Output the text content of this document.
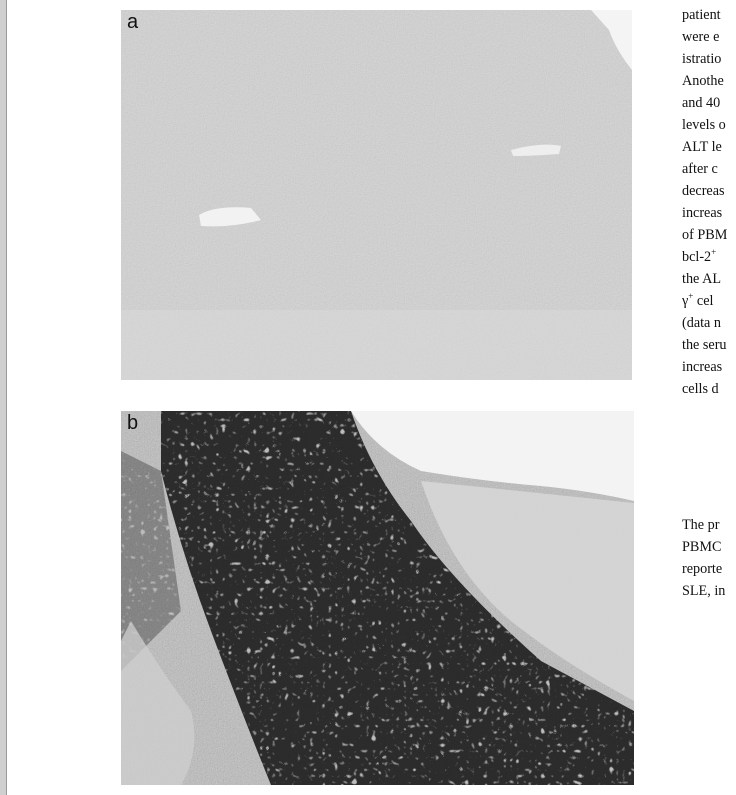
a
b
patient
were e
istratio
Anothe
and 40
levels o
ALT le
after c
decreas
increas
of PBM
bcl-2+
the AL
γ+ cel
(data n
the seru
increas
cells d
The pr
PBMC
reporte
SLE, in
